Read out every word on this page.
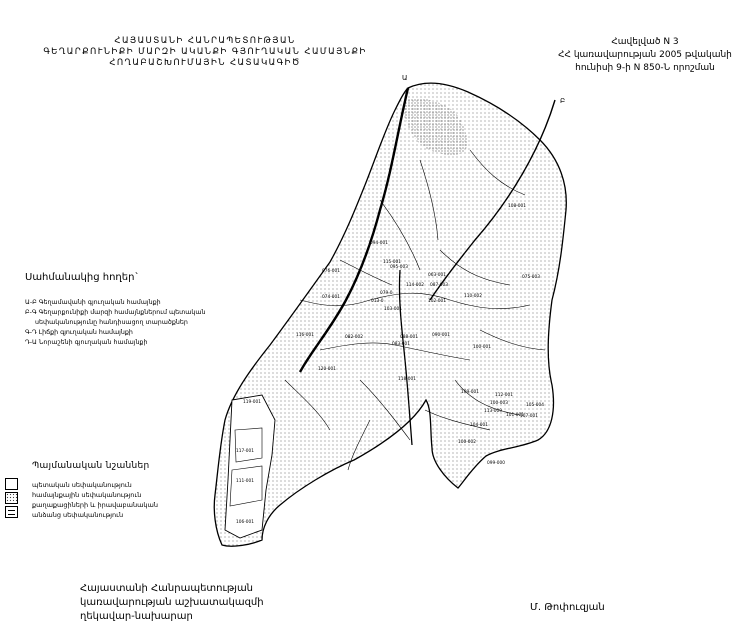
Ա
Բ
108-001
094-001
076-001
115-001
074-001
095-003
114-002 087-003
063-001
079-0
102-001
103-001
116-001	082-002	088-001
083-001
013-0
100-001
120-001
110-002
075-003
090-001
118-001
109-001
119-001
105-004
100-003
101-001
104-001
117-001
100-002
111-001
099-000
113-009
106-001
107-001
112-001
ՀԱՅԱՍՏԱՆԻ ՀԱՆՐԱՊԵՏՈՒԹՅԱՆ
ԳԵՂԱՐՔՈՒՆԻՔԻ ՄԱՐԶԻ ԱԿԱՆՔԻ ԳՅՈՒՂԱԿԱՆ ՀԱՄԱՅՆՔԻ
ՀՈՂԱԲԱՇԽՈՒՄԱՅԻՆ ՀԱՏԱԿԱԳԻԾ
Հավելված N 3
ՀՀ կառավարության 2005 թվականի
հունիսի 9-ի N 850-Ն որոշման
Սահմանակից հողեր`
Ա-Բ Գեղամավանի գյուղական համայնքի
Բ-Գ Գեղարքունիքի մարզի համայնքներում պետական
սեփականությունը հանդիսացող տարածքներ
Գ-Դ Լիճքի գյուղական համայնքի
Դ-Ա Նորաշենի գյուղական համայնքի
Պայմանական նշաններ
պետական սեփականություն
համայնքային սեփականություն
քաղաքացիների և իրավաբանական
անձանց սեփականություն
Հայաստանի Հանրապետության
կառավարության աշխատակազմի
ղեկավար-նախարար
Մ. Թոփուզյան
